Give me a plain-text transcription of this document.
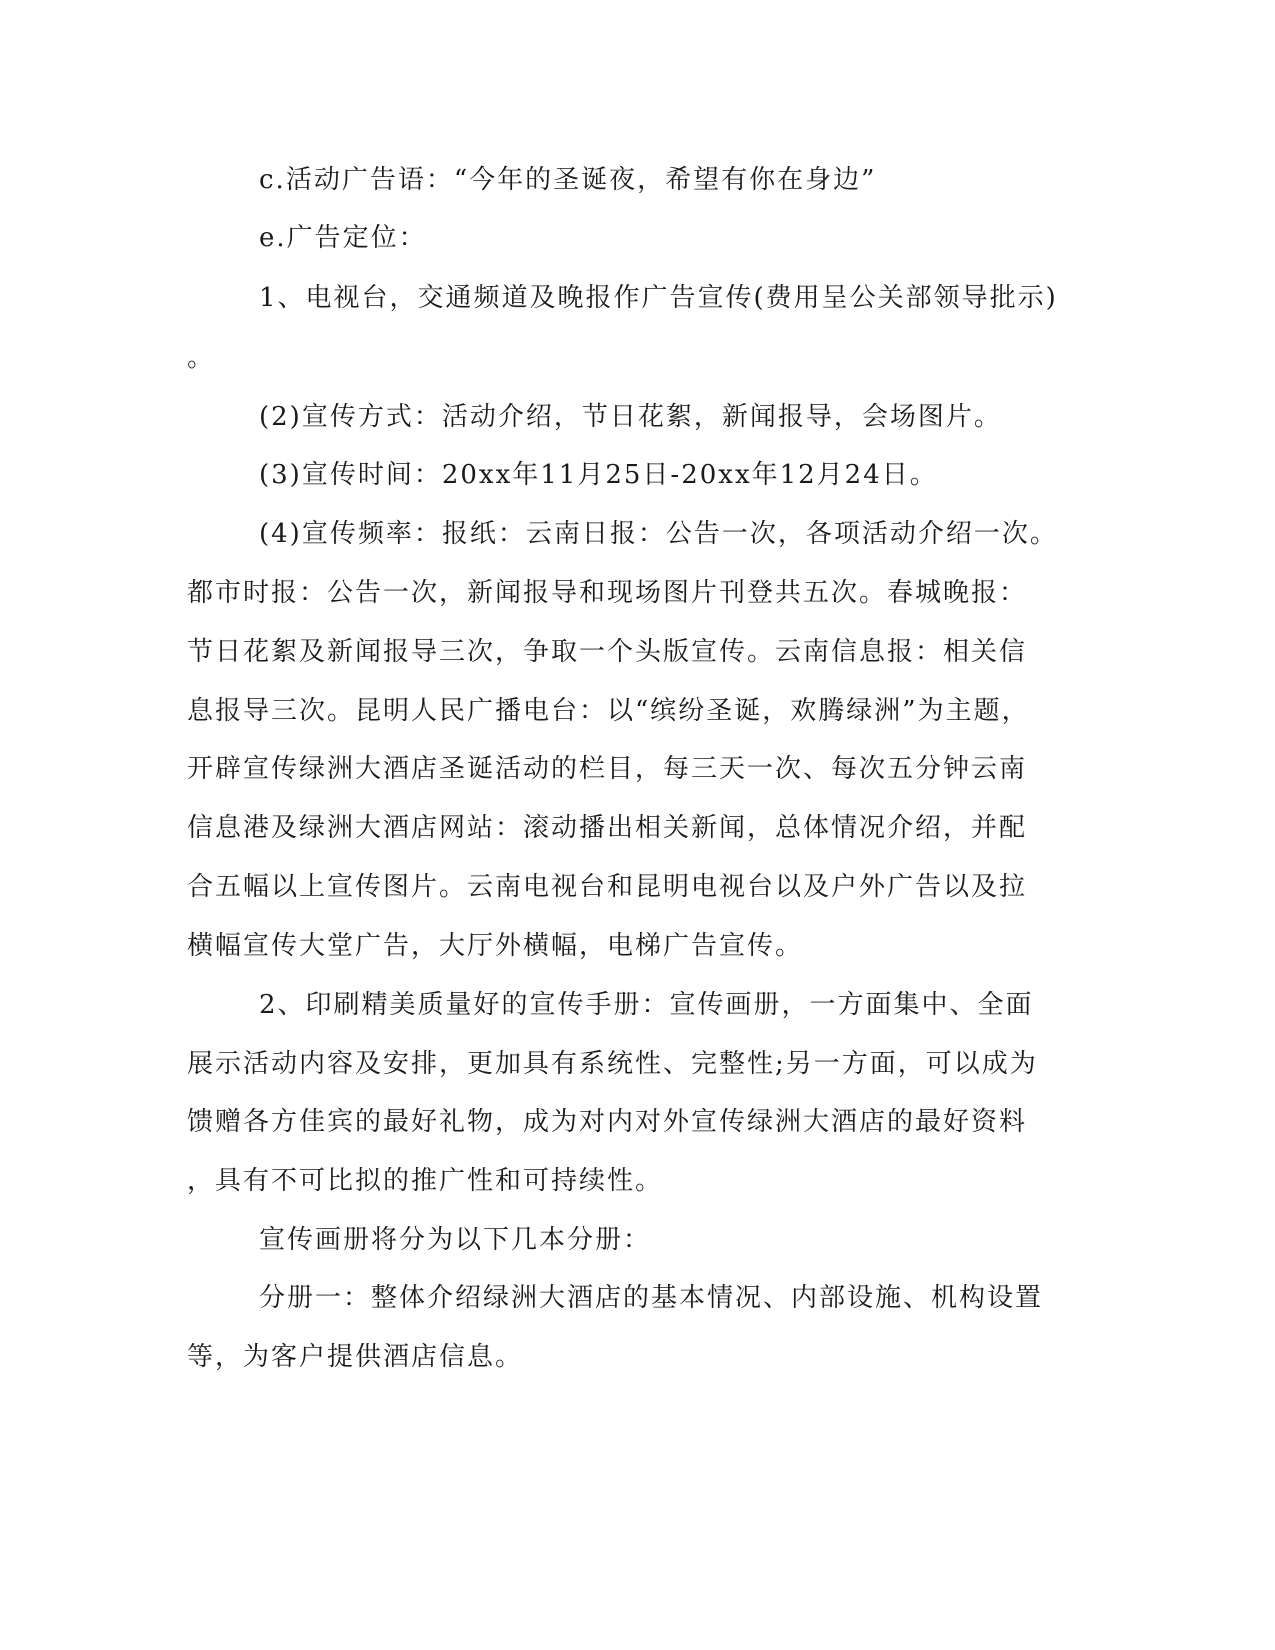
c.活动广告语：“今年的圣诞夜，希望有你在身边”

e.广告定位：

1、电视台，交通频道及晚报作广告宣传(费用呈公关部领导批示)

。

(2)宣传方式：活动介绍，节日花絮，新闻报导，会场图片。

(3)宣传时间：20xx年11月25日-20xx年12月24日。

(4)宣传频率：报纸：云南日报：公告一次，各项活动介绍一次。

都市时报：公告一次，新闻报导和现场图片刊登共五次。春城晚报：

节日花絮及新闻报导三次，争取一个头版宣传。云南信息报：相关信

息报导三次。昆明人民广播电台：以“缤纷圣诞，欢腾绿洲”为主题，

开辟宣传绿洲大酒店圣诞活动的栏目，每三天一次、每次五分钟云南

信息港及绿洲大酒店网站：滚动播出相关新闻，总体情况介绍，并配

合五幅以上宣传图片。云南电视台和昆明电视台以及户外广告以及拉

横幅宣传大堂广告，大厅外横幅，电梯广告宣传。

2、印刷精美质量好的宣传手册：宣传画册，一方面集中、全面

展示活动内容及安排，更加具有系统性、完整性;另一方面，可以成为

馈赠各方佳宾的最好礼物，成为对内对外宣传绿洲大酒店的最好资料

，具有不可比拟的推广性和可持续性。

宣传画册将分为以下几本分册：

分册一：整体介绍绿洲大酒店的基本情况、内部设施、机构设置

等，为客户提供酒店信息。
